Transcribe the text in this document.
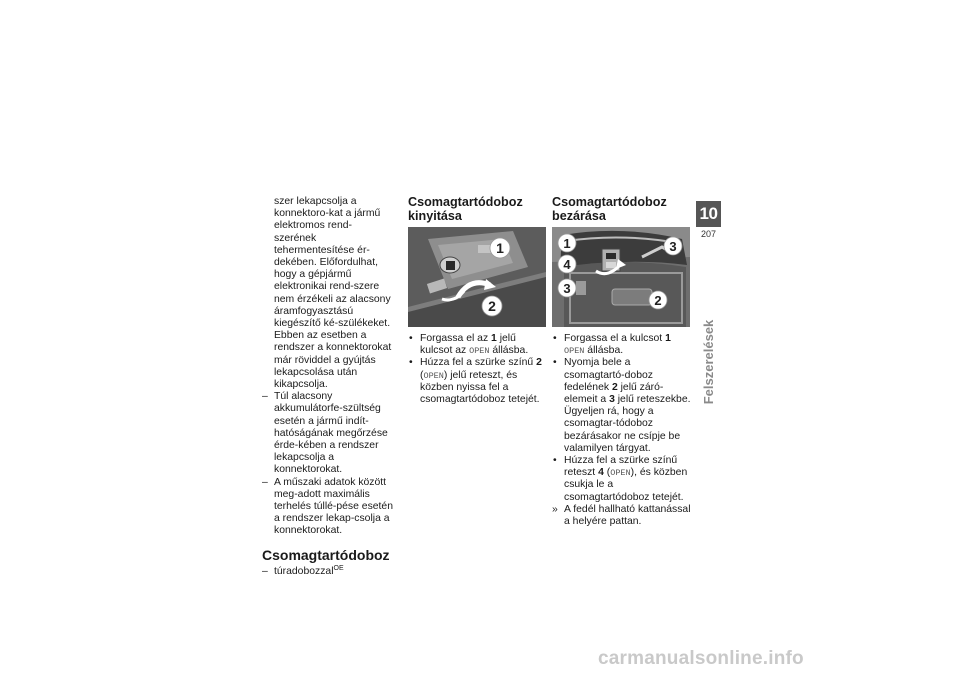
szer lekapcsolja a konnektoro-kat a jármű elektromos rend-szerének tehermentesítése ér-dekében. Előfordulhat, hogy a gépjármű elektronikai rend-szere nem érzékeli az alacsony áramfogyasztású kiegészítő ké-szülékeket. Ebben az esetben a rendszer a konnektorokat már röviddel a gyújtás lekapcsolása után kikapcsolja.

– Túl alacsony akkumulátorfe-szültség esetén a jármű indít-hatóságának megőrzése érde-kében a rendszer lekapcsolja a konnektorokat.

– A műszaki adatok között meg-adott maximális terhelés túllé-pése esetén a rendszer lekap-csolja a konnektorokat.

Csomagtartódoboz

– túradobozzal$^{OE}$

Csomagtartódoboz
kinyitása
1
2

• Forgassa el az 1 jelű kulcsot az OPEN állásba.

• Húzza fel a szürke színű 2
(OPEN) jelű reteszt, és közben nyissa fel a csomagtartódoboz tetejét.

Csomagtartódoboz
bezárása
1
4
3
3
2

• Forgassa el a kulcsot 1 OPEN állásba.

• Nyomja bele a csomagtartó-doboz fedelének 2 jelű záró-elemeit a 3 jelű reteszekbe.
Ügyeljen rá, hogy a csomagtar-tódoboz bezárásakor ne csípje be valamilyen tárgyat.

• Húzza fel a szürke színű reteszt 4 (OPEN), és közben csukja le a csomagtartódoboz tetejét.

» A fedél hallható kattanással a helyére pattan.

10
207
Felszerelések
carmanualsonline.info
